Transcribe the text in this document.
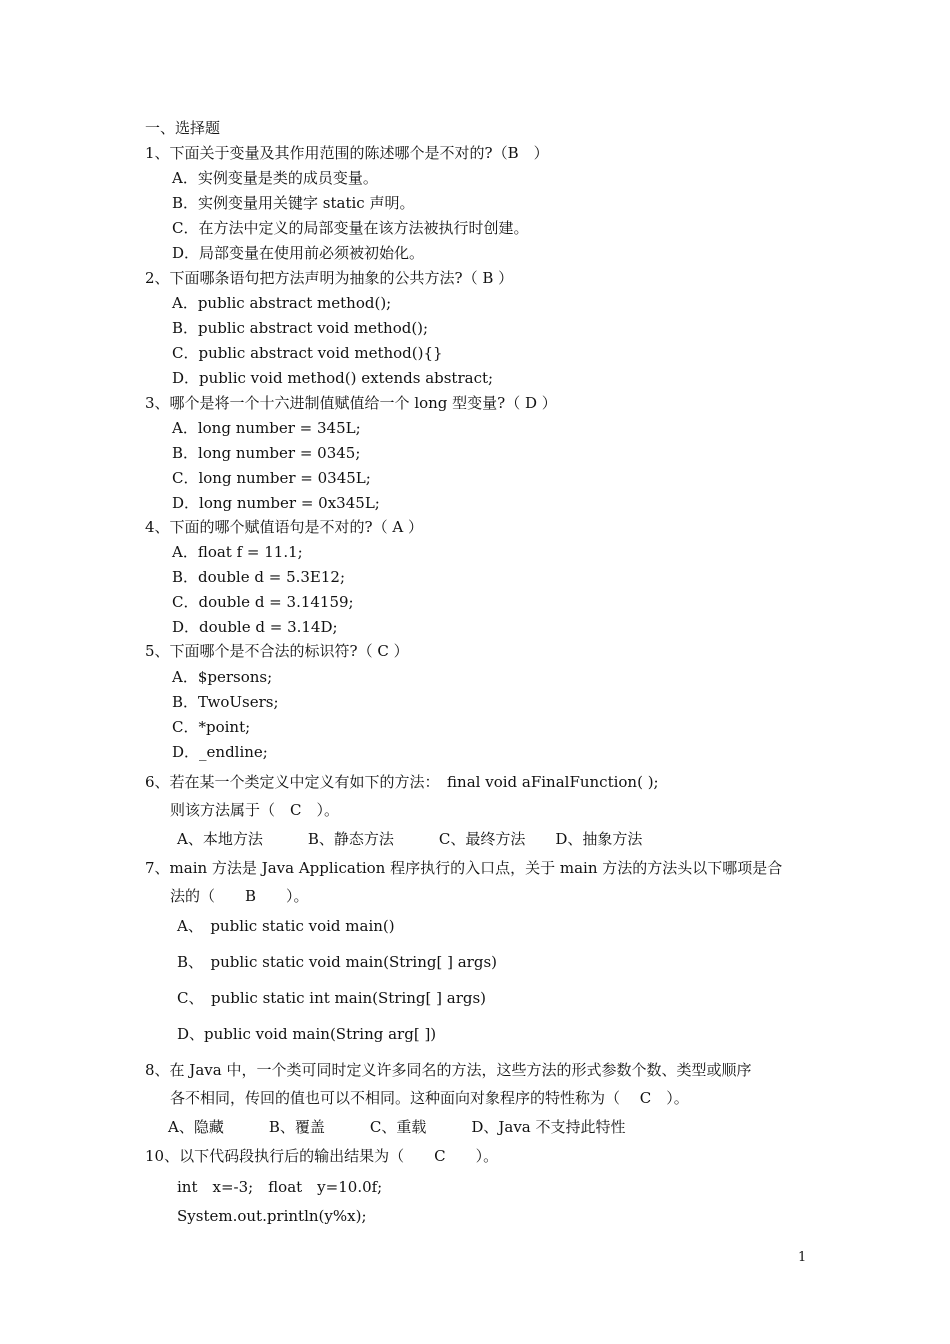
一、选择题
1、下面关于变量及其作用范围的陈述哪个是不对的?（B　）
A．实例变量是类的成员变量。
B．实例变量用关键字 static 声明。
C．在方法中定义的局部变量在该方法被执行时创建。
D．局部变量在使用前必须被初始化。
2、下面哪条语句把方法声明为抽象的公共方法?（ B ）
A．public abstract method();
B．public abstract void method();
C．public abstract void method(){}
D．public void method() extends abstract;
3、哪个是将一个十六进制值赋值给一个 long 型变量?（ D ）
A．long number = 345L;
B．long number = 0345;
C．long number = 0345L;
D．long number = 0x345L;
4、下面的哪个赋值语句是不对的?（ A ）
A．float f = 11.1;
B．double d = 5.3E12;
C．double d = 3.14159;
D．double d = 3.14D;
5、下面哪个是不合法的标识符?（ C ）
A．$persons;
B．TwoUsers;
C．*point;
D．_endline;
6、若在某一个类定义中定义有如下的方法：　final void aFinalFunction( );
则该方法属于（　C　）。
A、本地方法　　　B、静态方法　　　C、最终方法　　D、抽象方法
7、main 方法是 Java Application 程序执行的入口点，关于 main 方法的方法头以下哪项是合
法的（　　B　　）。
A、　public static void main()
B、　public static void main(String[ ] args)
C、　public static int main(String[ ] args)
D、public void main(String arg[ ])
8、在 Java 中，一个类可同时定义许多同名的方法，这些方法的形式参数个数、类型或顺序
各不相同，传回的值也可以不相同。这种面向对象程序的特性称为（　 C　）。
A、隐藏　　　B、覆盖　　　C、重载　　　D、Java 不支持此特性
10、以下代码段执行后的输出结果为（　　C　　）。
int　x=-3;　float　y=10.0f;
System.out.println(y%x);
1
